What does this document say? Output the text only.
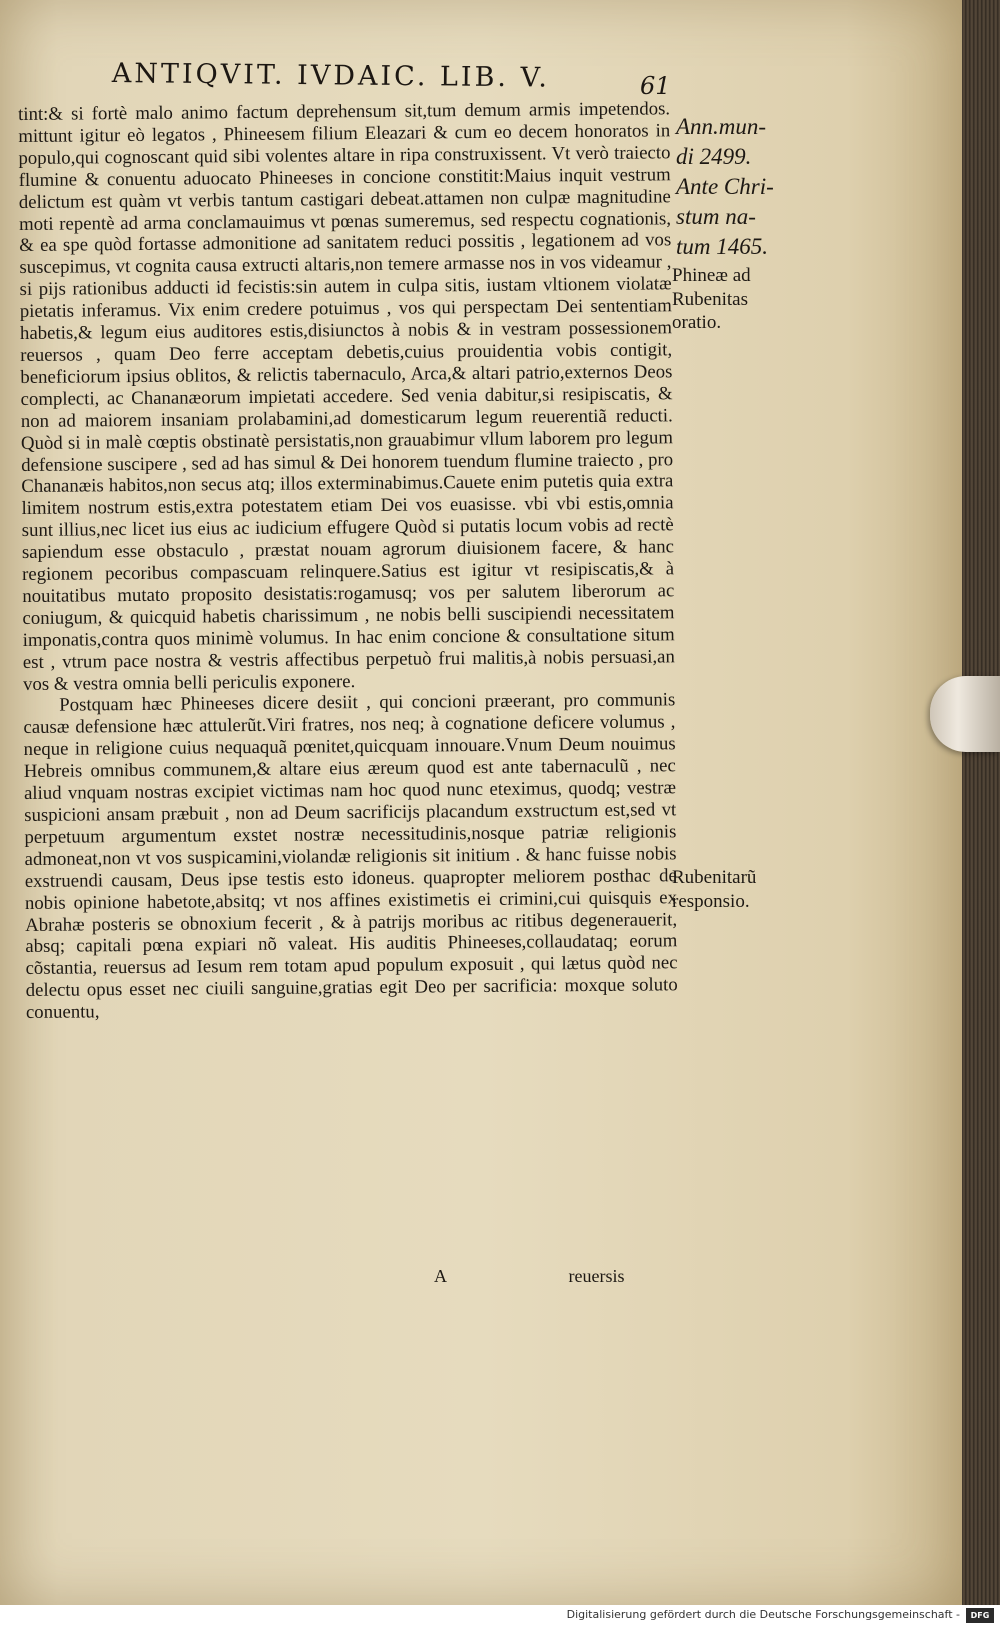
ANTIQVIT. IVDAIC. LIB. V.	61

tint:& si fortè malo animo factum deprehensum sit,tum demum armis impetendos. mittunt igitur eò legatos , Phineesem filium Eleazari & cum eo decem honoratos in populo,qui cognoscant quid sibi volentes altare in ripa construxissent. Vt verò traiecto flumine & conuentu aduocato Phineeses in concione constitit:Maius inquit vestrum delictum est quàm vt verbis tantum castigari debeat.attamen non culpæ magnitudine moti repentè ad arma conclamauimus vt pœnas sumeremus, sed respectu cognationis, & ea spe quòd fortasse admonitione ad sanitatem reduci possitis , legationem ad vos suscepimus, vt cognita causa extructi altaris,non temere armasse nos in vos videamur , si pijs rationibus adducti id fecistis:sin autem in culpa sitis, iustam vltionem violatæ pietatis inferamus. Vix enim credere potuimus , vos qui perspectam Dei sententiam habetis,& legum eius auditores estis,disiunctos à nobis & in vestram possessionem reuersos , quam Deo ferre acceptam debetis,cuius prouidentia vobis contigit, beneficiorum ipsius oblitos, & relictis tabernaculo, Arca,& altari patrio,externos Deos complecti, ac Chananæorum impietati accedere. Sed venia dabitur,si resipiscatis, & non ad maiorem insaniam prolabamini,ad domesticarum legum reuerentiã reducti. Quòd si in malè cœptis obstinatè persistatis,non grauabimur vllum laborem pro legum defensione suscipere , sed ad has simul & Dei honorem tuendum flumine traiecto , pro Chananæis habitos,non secus atq; illos exterminabimus.Cauete enim putetis quia extra limitem nostrum estis,extra potestatem etiam Dei vos euasisse. vbi vbi estis,omnia sunt illius,nec licet ius eius ac iudicium effugere Quòd si putatis locum vobis ad rectè sapiendum esse obstaculo , præstat nouam agrorum diuisionem facere, & hanc regionem pecoribus compascuam relinquere.Satius est igitur vt resipiscatis,& à nouitatibus mutato proposito desistatis:rogamusq; vos per salutem liberorum ac coniugum, & quicquid habetis charissimum , ne nobis belli suscipiendi necessitatem imponatis,contra quos minimè volumus. In hac enim concione & consultatione situm est , vtrum pace nostra & vestris affectibus perpetuò frui malitis,à nobis persuasi,an vos & vestra omnia belli periculis exponere.

Postquam hæc Phineeses dicere desiit , qui concioni præerant, pro communis causæ defensione hæc attulerũt.Viri fratres, nos neq; à cognatione deficere volumus , neque in religione cuius nequaquã pœnitet,quicquam innouare.Vnum Deum nouimus Hebreis omnibus communem,& altare eius æreum quod est ante tabernaculũ , nec aliud vnquam nostras excipiet victimas nam hoc quod nunc eteximus, quodq; vestræ suspicioni ansam præbuit , non ad Deum sacrificijs placandum exstructum est,sed vt perpetuum argumentum exstet nostræ necessitudinis,nosque patriæ religionis admoneat,non vt vos suspicamini,violandæ religionis sit initium . & hanc fuisse nobis exstruendi causam, Deus ipse testis esto idoneus. quapropter meliorem posthac de nobis opinione habetote,absitq; vt nos affines existimetis ei crimini,cui quisquis ex Abrahæ posteris se obnoxium fecerit , & à patrijs moribus ac ritibus degenerauerit, absq; capitali pœna expiari nõ valeat. His auditis Phineeses,collaudataq; eorum cõstantia, reuersus ad Iesum rem totam apud populum exposuit , qui lætus quòd nec delectu opus esset nec ciuili sanguine,gratias egit Deo per sacrificia: moxque soluto conuentu,

Ann.mun-
di 2499.
Ante Chri-
stum na-
tum 1465.
Phineæ ad
Rubenitas
oratio.
Rubenitarũ
responsio.
A	reuersis
Digitalisierung gefördert durch die Deutsche Forschungsgemeinschaft -	DFG
